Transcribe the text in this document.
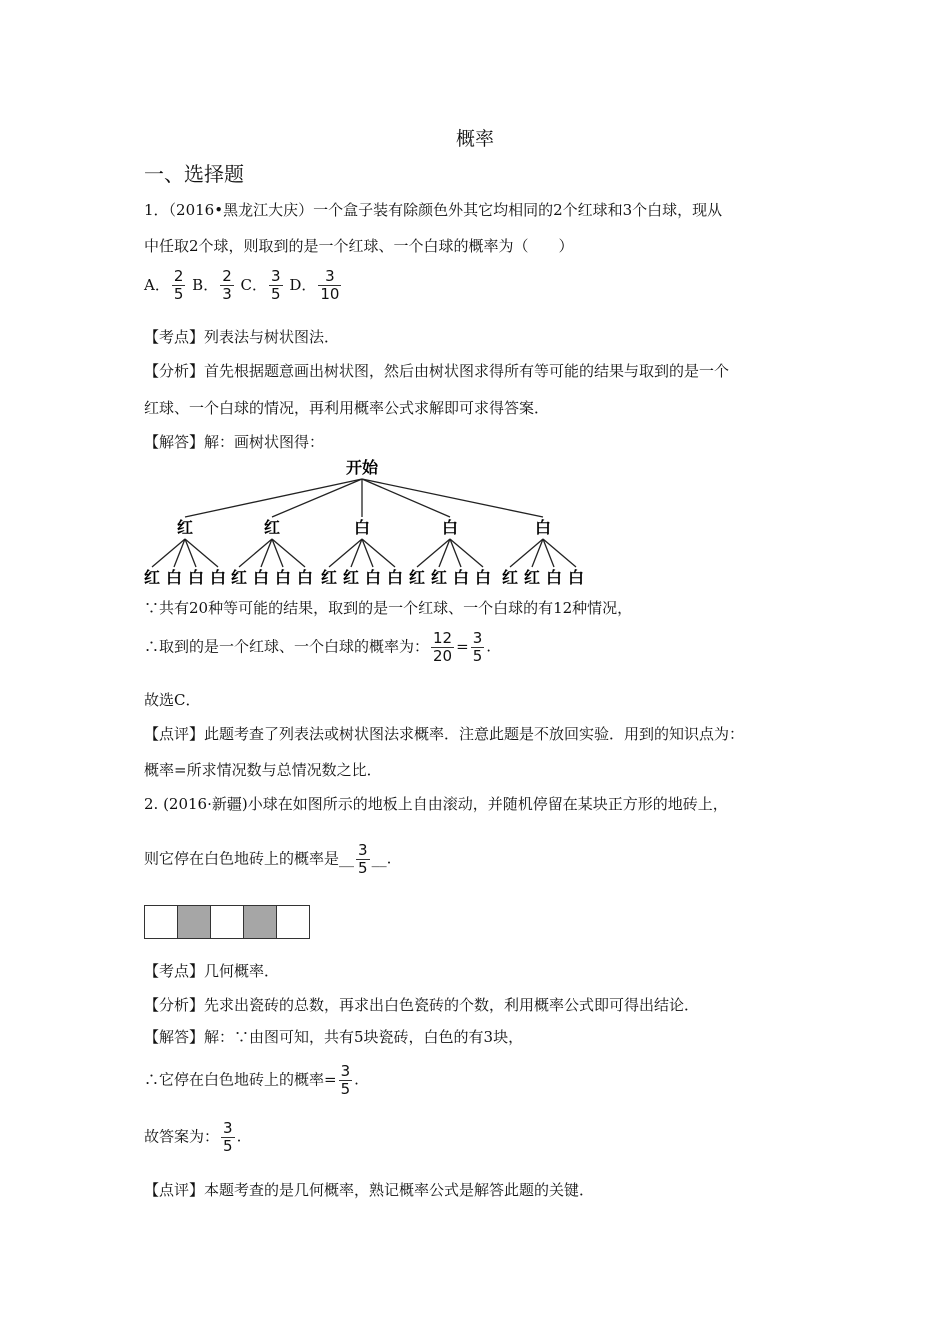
概率
一、选择题
1．（2016•黑龙江大庆）一个盒子装有除颜色外其它均相同的2个红球和3个白球，现从
中任取2个球，则取到的是一个红球、一个白球的概率为（　　）
A． $\frac{2}{5}$ B． $\frac{2}{3}$ C． $\frac{3}{5}$ D． $\frac{3}{10}$
【考点】列表法与树状图法．
【分析】首先根据题意画出树状图，然后由树状图求得所有等可能的结果与取到的是一个
红球、一个白球的情况，再利用概率公式求解即可求得答案．
【解答】解：画树状图得：
开始
红
红 白 白 白
红
红 白 白 白
白
红 红 白 白
白
红 红 白 白
白
红 红 白 白
∵共有20种等可能的结果，取到的是一个红球、一个白球的有12种情况，
∴取到的是一个红球、一个白球的概率为： $\frac{12}{20} = \frac{3}{5}$ .
故选C．
【点评】此题考查了列表法或树状图法求概率．注意此题是不放回实验．用到的知识点为：
概率=所求情况数与总情况数之比．
2. (2016·新疆)小球在如图所示的地板上自由滚动，并随机停留在某块正方形的地砖上，
则它停在白色地砖上的概率是__ $\frac{3}{5}$ __.
【考点】几何概率．
【分析】先求出瓷砖的总数，再求出白色瓷砖的个数，利用概率公式即可得出结论．
【解答】解：∵由图可知，共有5块瓷砖，白色的有3块，
∴它停在白色地砖上的概率= $\frac{3}{5}$ .
故答案为： $\frac{3}{5}$ .
【点评】本题考查的是几何概率，熟记概率公式是解答此题的关键．
